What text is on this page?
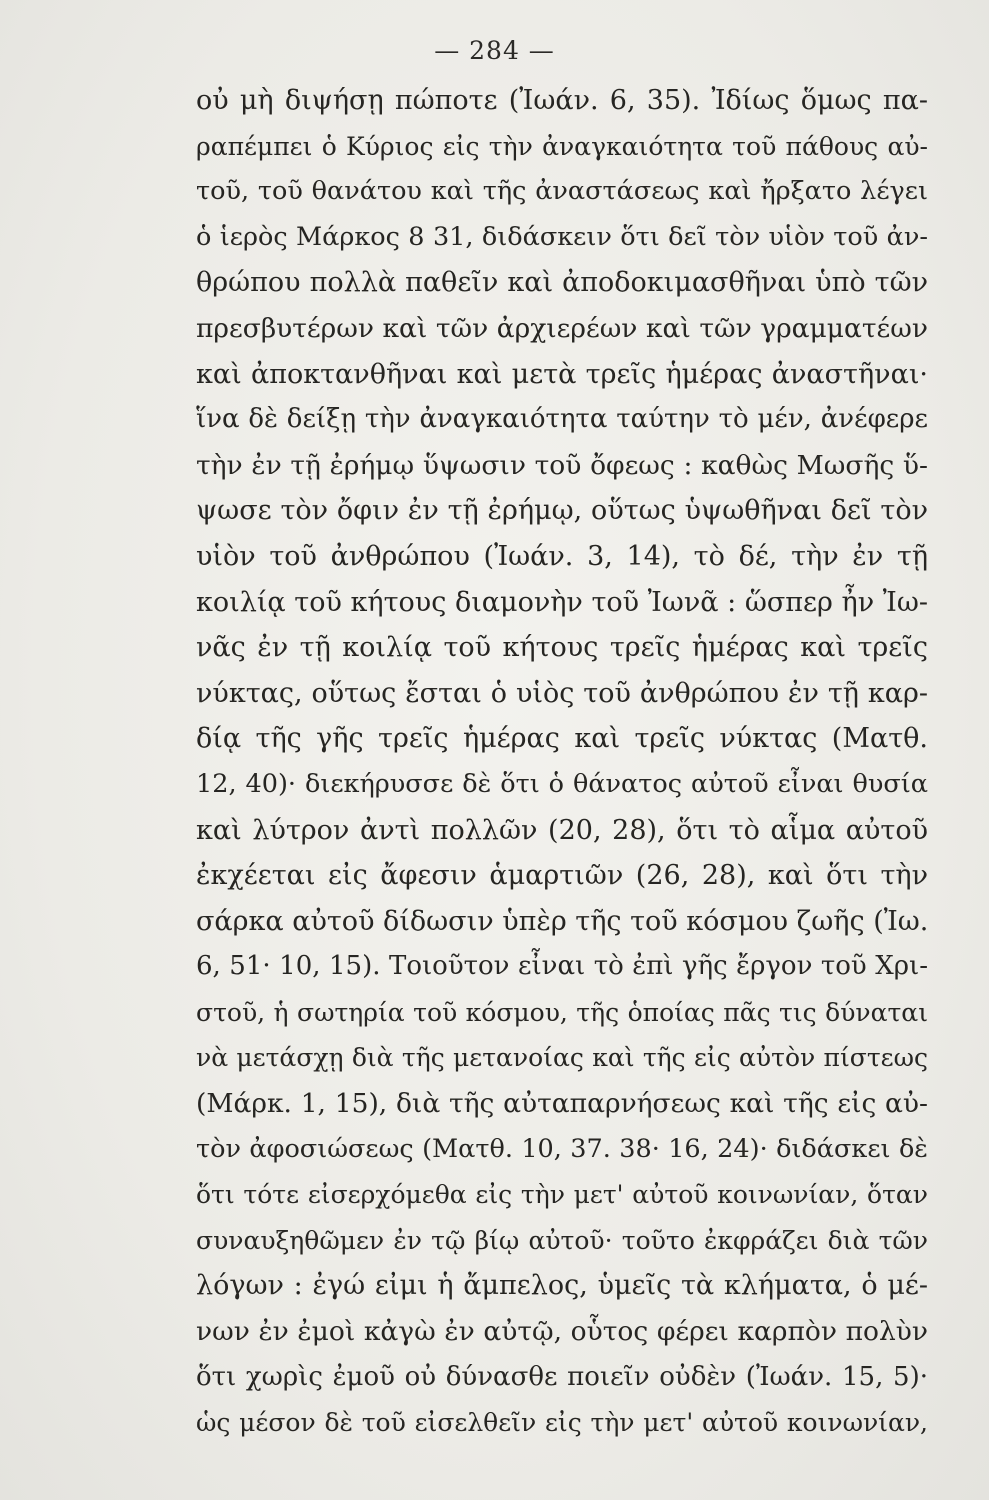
— 284 —
οὐ μὴ διψήσῃ πώποτε (Ἰωάν. 6, 35). Ἰδίως ὅμως πα-
ραπέμπει ὁ Κύριος εἰς τὴν ἀναγκαιότητα τοῦ πάθους αὐ-
τοῦ, τοῦ θανάτου καὶ τῆς ἀναστάσεως καὶ ἤρξατο λέγει
ὁ ἱερὸς Μάρκος 8 31, διδάσκειν ὅτι δεῖ τὸν υἱὸν τοῦ ἀν-
θρώπου πολλὰ παθεῖν καὶ ἀποδοκιμασθῆναι ὑπὸ τῶν
πρεσβυτέρων καὶ τῶν ἀρχιερέων καὶ τῶν γραμματέων
καὶ ἀποκτανθῆναι καὶ μετὰ τρεῖς ἡμέρας ἀναστῆναι·
ἵνα δὲ δείξῃ τὴν ἀναγκαιότητα ταύτην τὸ μέν, ἀνέφερε
τὴν ἐν τῇ ἐρήμῳ ὕψωσιν τοῦ ὄφεως : καθὼς Μωσῆς ὕ-
ψωσε τὸν ὄφιν ἐν τῇ ἐρήμῳ, οὕτως ὑψωθῆναι δεῖ τὸν
υἱὸν τοῦ ἀνθρώπου (Ἰωάν. 3, 14), τὸ δέ, τὴν ἐν τῇ
κοιλίᾳ τοῦ κήτους διαμονὴν τοῦ Ἰωνᾶ : ὥσπερ ἦν Ἰω-
νᾶς ἐν τῇ κοιλίᾳ τοῦ κήτους τρεῖς ἡμέρας καὶ τρεῖς
νύκτας, οὕτως ἔσται ὁ υἱὸς τοῦ ἀνθρώπου ἐν τῇ καρ-
δίᾳ τῆς γῆς τρεῖς ἡμέρας καὶ τρεῖς νύκτας (Ματθ.
12, 40)· διεκήρυσσε δὲ ὅτι ὁ θάνατος αὐτοῦ εἶναι θυσία
καὶ λύτρον ἀντὶ πολλῶν (20, 28), ὅτι τὸ αἷμα αὐτοῦ
ἐκχέεται εἰς ἄφεσιν ἁμαρτιῶν (26, 28), καὶ ὅτι τὴν
σάρκα αὐτοῦ δίδωσιν ὑπὲρ τῆς τοῦ κόσμου ζωῆς (Ἰω.
6, 51· 10, 15). Τοιοῦτον εἶναι τὸ ἐπὶ γῆς ἔργον τοῦ Χρι-
στοῦ, ἡ σωτηρία τοῦ κόσμου, τῆς ὁποίας πᾶς τις δύναται
νὰ μετάσχῃ διὰ τῆς μετανοίας καὶ τῆς εἰς αὐτὸν πίστεως
(Μάρκ. 1, 15), διὰ τῆς αὐταπαρνήσεως καὶ τῆς εἰς αὐ-
τὸν ἀφοσιώσεως (Ματθ. 10, 37. 38· 16, 24)· διδάσκει δὲ
ὅτι τότε εἰσερχόμεθα εἰς τὴν μετ' αὐτοῦ κοινωνίαν, ὅταν
συναυξηθῶμεν ἐν τῷ βίῳ αὐτοῦ· τοῦτο ἐκφράζει διὰ τῶν
λόγων : ἐγώ εἰμι ἡ ἄμπελος, ὑμεῖς τὰ κλήματα, ὁ μέ-
νων ἐν ἐμοὶ κἀγὼ ἐν αὐτῷ, οὗτος φέρει καρπὸν πολὺν
ὅτι χωρὶς ἐμοῦ οὐ δύνασθε ποιεῖν οὐδὲν (Ἰωάν. 15, 5)·
ὡς μέσον δὲ τοῦ εἰσελθεῖν εἰς τὴν μετ' αὐτοῦ κοινωνίαν,
